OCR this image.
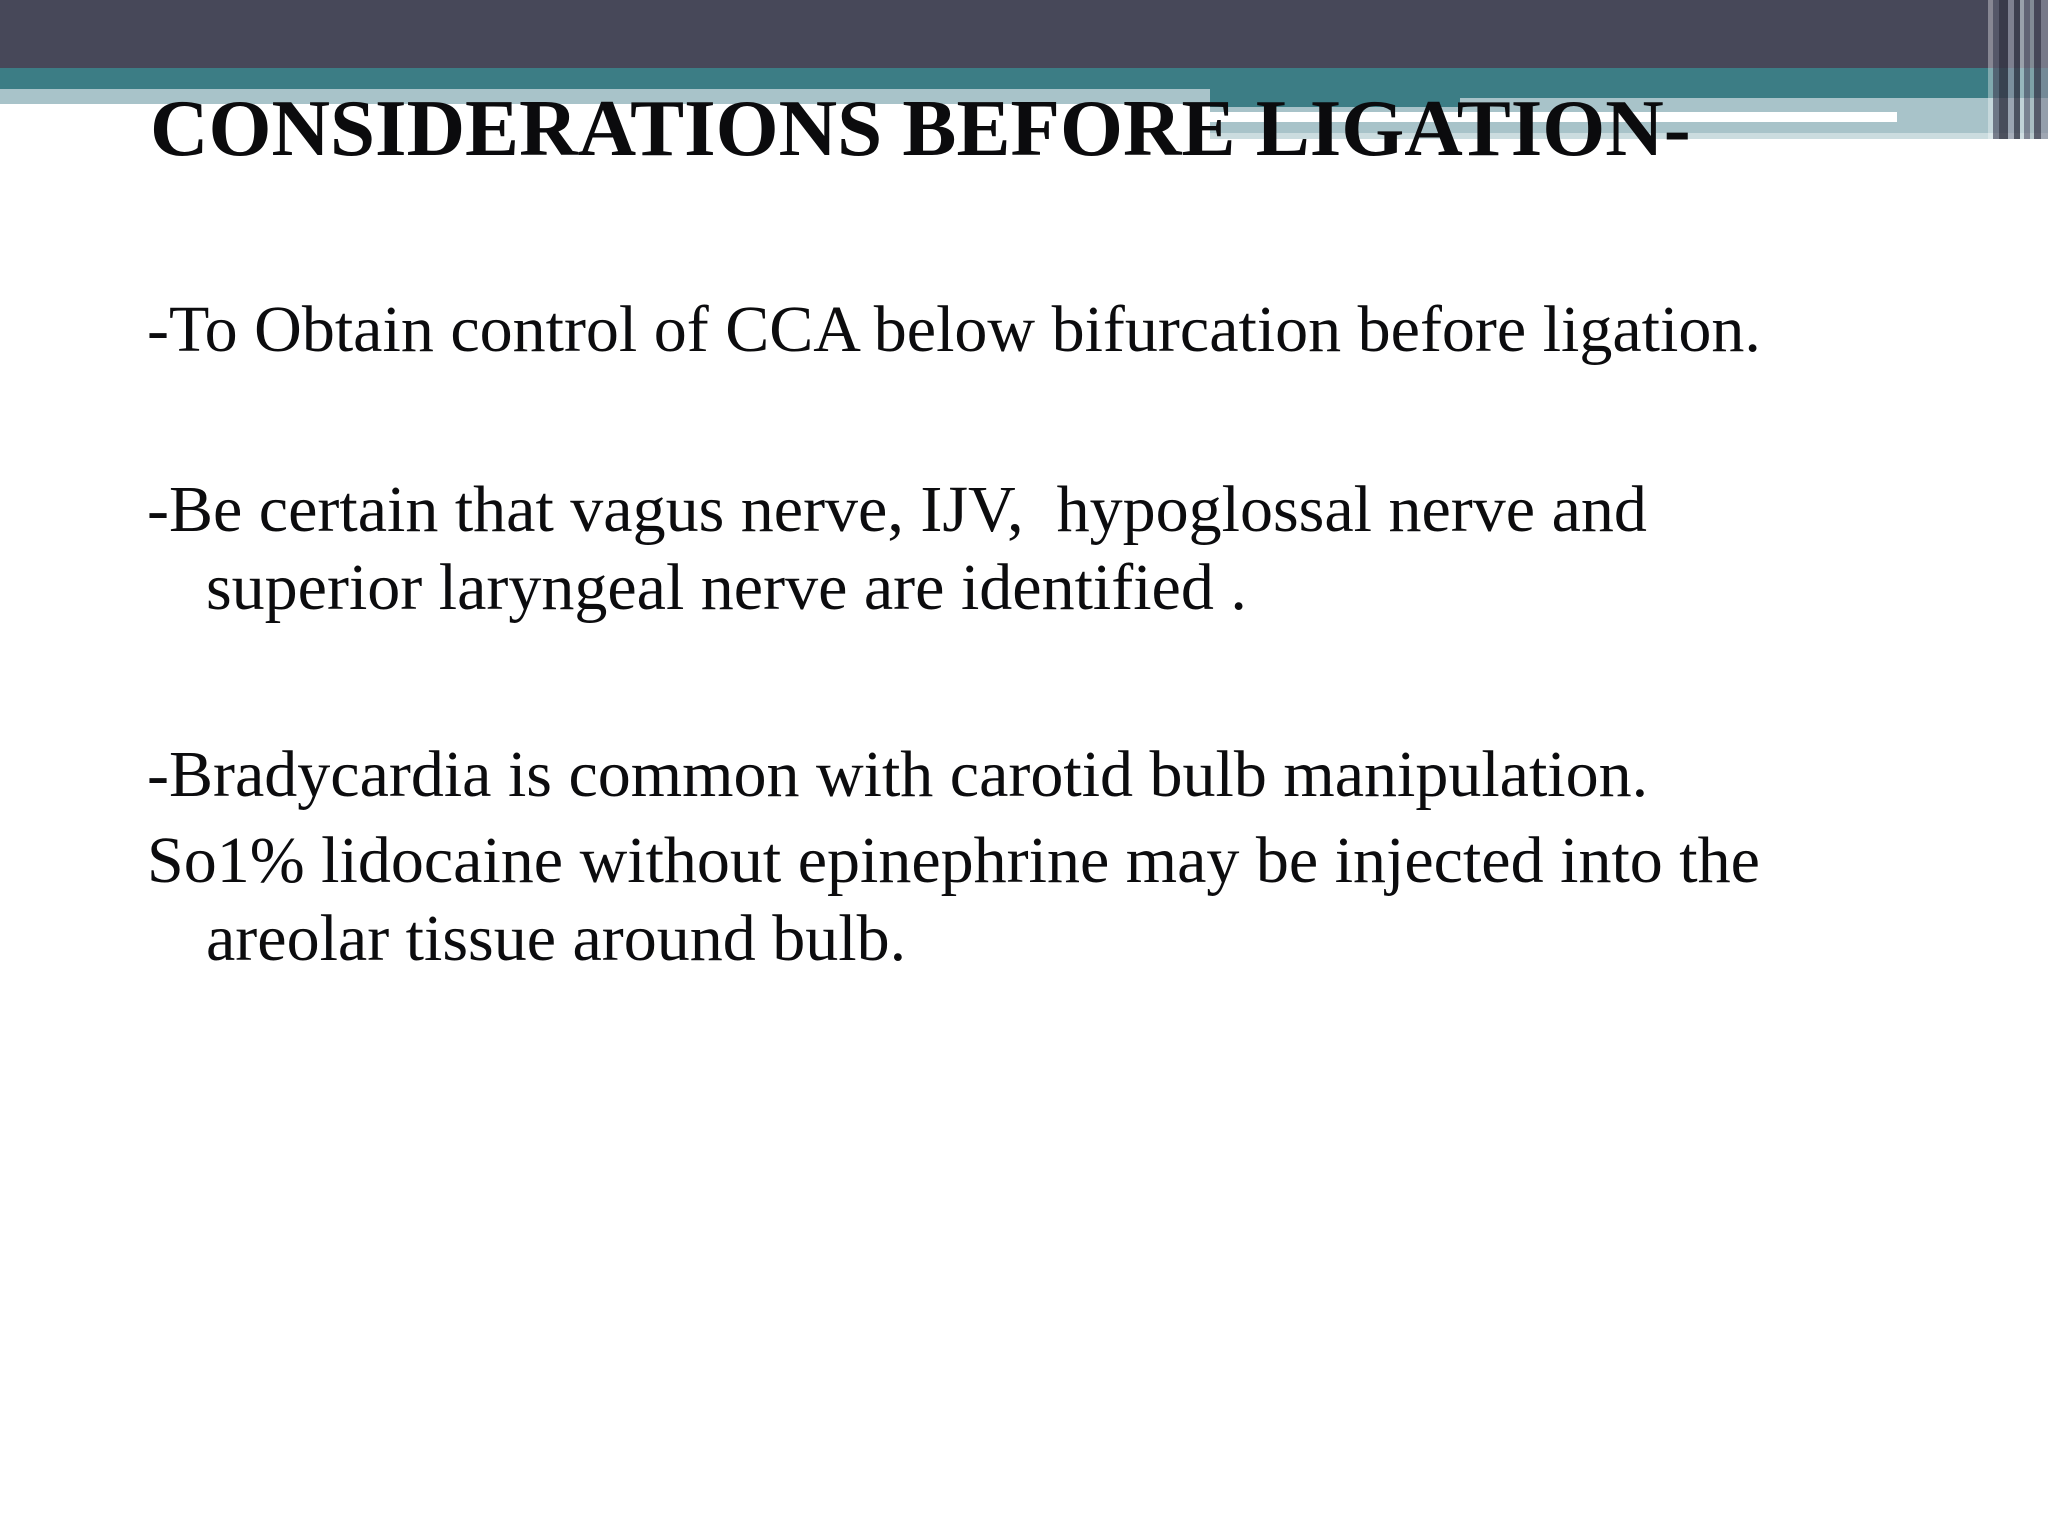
CONSIDERATIONS BEFORE LIGATION-
-To Obtain control of CCA below bifurcation before ligation.
-Be certain that vagus nerve, IJV,  hypoglossal nerve and
superior laryngeal nerve are identified .
-Bradycardia is common with carotid bulb manipulation.
So1% lidocaine without epinephrine may be injected into the
areolar tissue around bulb.
